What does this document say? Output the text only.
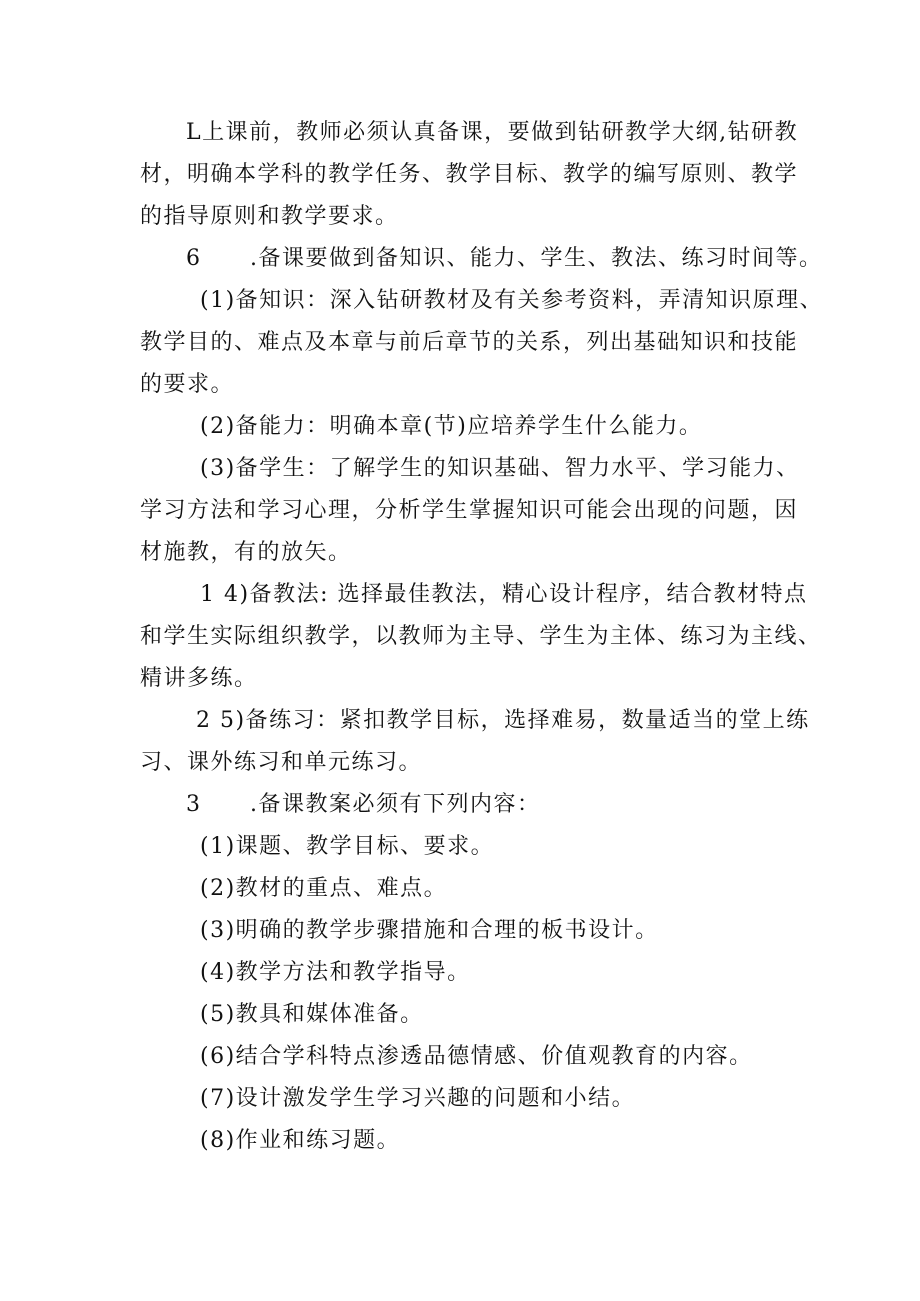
L上课前，教师必须认真备课，要做到钻研教学大纲,钻研教
材，明确本学科的教学任务、教学目标、教学的编写原则、教学
的指导原则和教学要求。
6 .备课要做到备知识、能力、学生、教法、练习时间等。
(1)备知识：深入钻研教材及有关参考资料，弄清知识原理、
教学目的、难点及本章与前后章节的关系，列出基础知识和技能
的要求。
(2)备能力：明确本章(节)应培养学生什么能力。
(3)备学生：了解学生的知识基础、智力水平、学习能力、
学习方法和学习心理，分析学生掌握知识可能会出现的问题，因
材施教，有的放矢。
1 4)备教法: 选择最佳教法，精心设计程序，结合教材特点
和学生实际组织教学，以教师为主导、学生为主体、练习为主线、
精讲多练。
2 5)备练习：紧扣教学目标，选择难易，数量适当的堂上练
习、课外练习和单元练习。
3 .备课教案必须有下列内容：
(1)课题、教学目标、要求。
(2)教材的重点、难点。
(3)明确的教学步骤措施和合理的板书设计。
(4)教学方法和教学指导。
(5)教具和媒体准备。
(6)结合学科特点渗透品德情感、价值观教育的内容。
(7)设计激发学生学习兴趣的问题和小结。
(8)作业和练习题。
